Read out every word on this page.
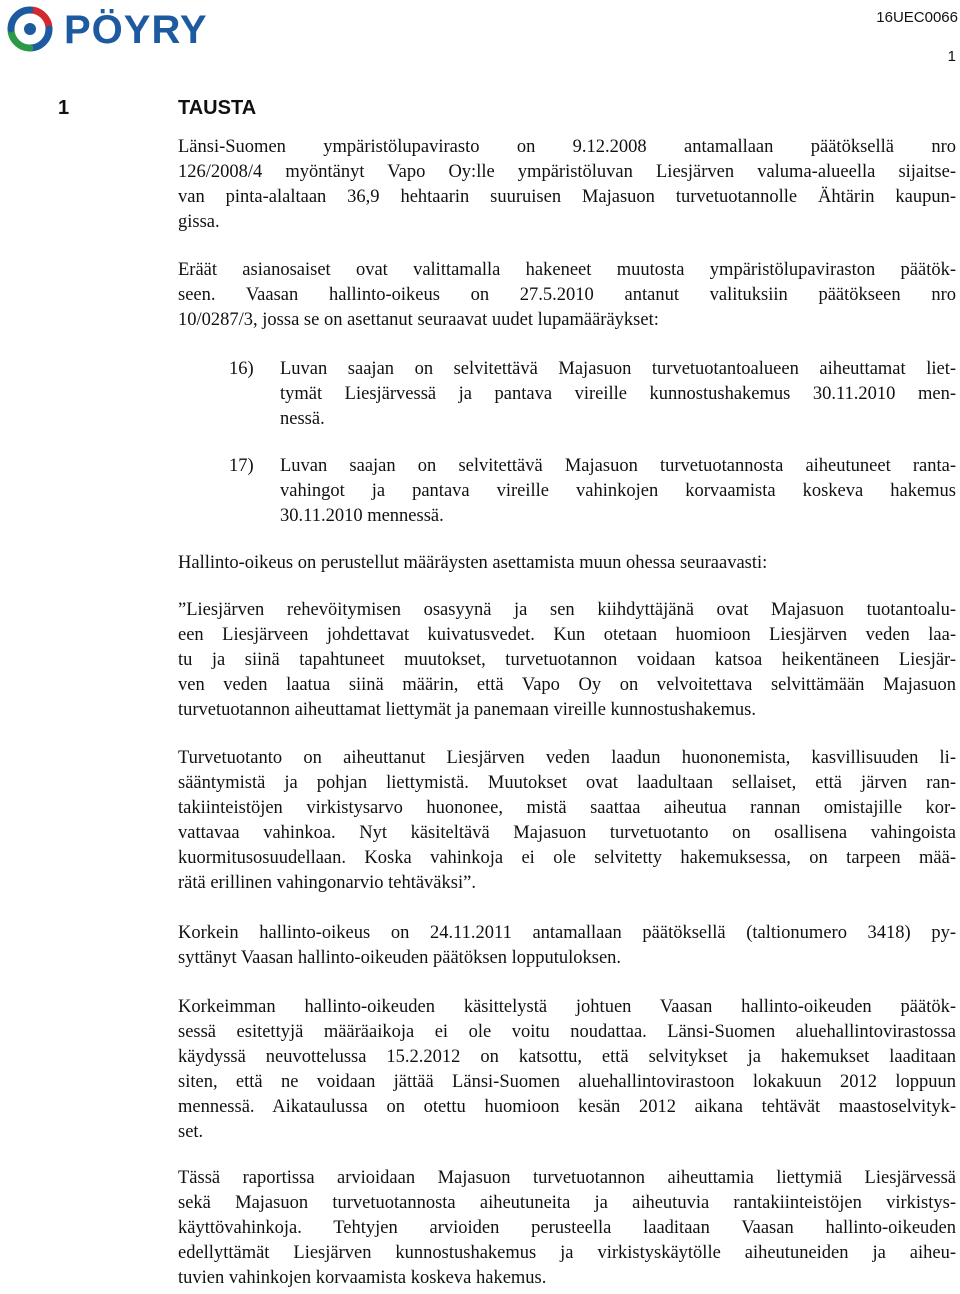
PÖYRY	16UEC0066
1
1	TAUSTA
Länsi-Suomen ympäristölupavirasto on 9.12.2008 antamallaan päätöksellä nro
126/2008/4 myöntänyt Vapo Oy:lle ympäristöluvan Liesjärven valuma-alueella sijaitse-
van pinta-alaltaan 36,9 hehtaarin suuruisen Majasuon turvetuotannolle Ähtärin kaupun-
gissa.
Eräät asianosaiset ovat valittamalla hakeneet muutosta ympäristölupaviraston päätök-
seen. Vaasan hallinto-oikeus on 27.5.2010 antanut valituksiin päätökseen nro
10/0287/3, jossa se on asettanut seuraavat uudet lupamääräykset:
16) Luvan saajan on selvitettävä Majasuon turvetuotantoalueen aiheuttamat liet-
tymät Liesjärvessä ja pantava vireille kunnostushakemus 30.11.2010 men-
nessä.
17) Luvan saajan on selvitettävä Majasuon turvetuotannosta aiheutuneet ranta-
vahingot ja pantava vireille vahinkojen korvaamista koskeva hakemus
30.11.2010 mennessä.
Hallinto-oikeus on perustellut määräysten asettamista muun ohessa seuraavasti:
”Liesjärven rehevöitymisen osasyynä ja sen kiihdyttäjänä ovat Majasuon tuotantoalu-
een Liesjärveen johdettavat kuivatusvedet. Kun otetaan huomioon Liesjärven veden laa-
tu ja siinä tapahtuneet muutokset, turvetuotannon voidaan katsoa heikentäneen Liesjär-
ven veden laatua siinä määrin, että Vapo Oy on velvoitettava selvittämään Majasuon
turvetuotannon aiheuttamat liettymät ja panemaan vireille kunnostushakemus.
Turvetuotanto on aiheuttanut Liesjärven veden laadun huononemista, kasvillisuuden li-
sääntymistä ja pohjan liettymistä. Muutokset ovat laadultaan sellaiset, että järven ran-
takiinteistöjen virkistysarvo huononee, mistä saattaa aiheutua rannan omistajille kor-
vattavaa vahinkoa. Nyt käsiteltävä Majasuon turvetuotanto on osallisena vahingoista
kuormitusosuudellaan. Koska vahinkoja ei ole selvitetty hakemuksessa, on tarpeen mää-
rätä erillinen vahingonarvio tehtäväksi”.
Korkein hallinto-oikeus on 24.11.2011 antamallaan päätöksellä (taltionumero 3418) py-
syttänyt Vaasan hallinto-oikeuden päätöksen lopputuloksen.
Korkeimman hallinto-oikeuden käsittelystä johtuen Vaasan hallinto-oikeuden päätök-
sessä esitettyjä määräaikoja ei ole voitu noudattaa. Länsi-Suomen aluehallintovirastossa
käydyssä neuvottelussa 15.2.2012 on katsottu, että selvitykset ja hakemukset laaditaan
siten, että ne voidaan jättää Länsi-Suomen aluehallintovirastoon lokakuun 2012 loppuun
mennessä. Aikataulussa on otettu huomioon kesän 2012 aikana tehtävät maastoselvityk-
set.
Tässä raportissa arvioidaan Majasuon turvetuotannon aiheuttamia liettymiä Liesjärvessä
sekä Majasuon turvetuotannosta aiheutuneita ja aiheutuvia rantakiinteistöjen virkistys-
käyttövahinkoja. Tehtyjen arvioiden perusteella laaditaan Vaasan hallinto-oikeuden
edellyttämät Liesjärven kunnostushakemus ja virkistyskäytölle aiheutuneiden ja aiheu-
tuvien vahinkojen korvaamista koskeva hakemus.
